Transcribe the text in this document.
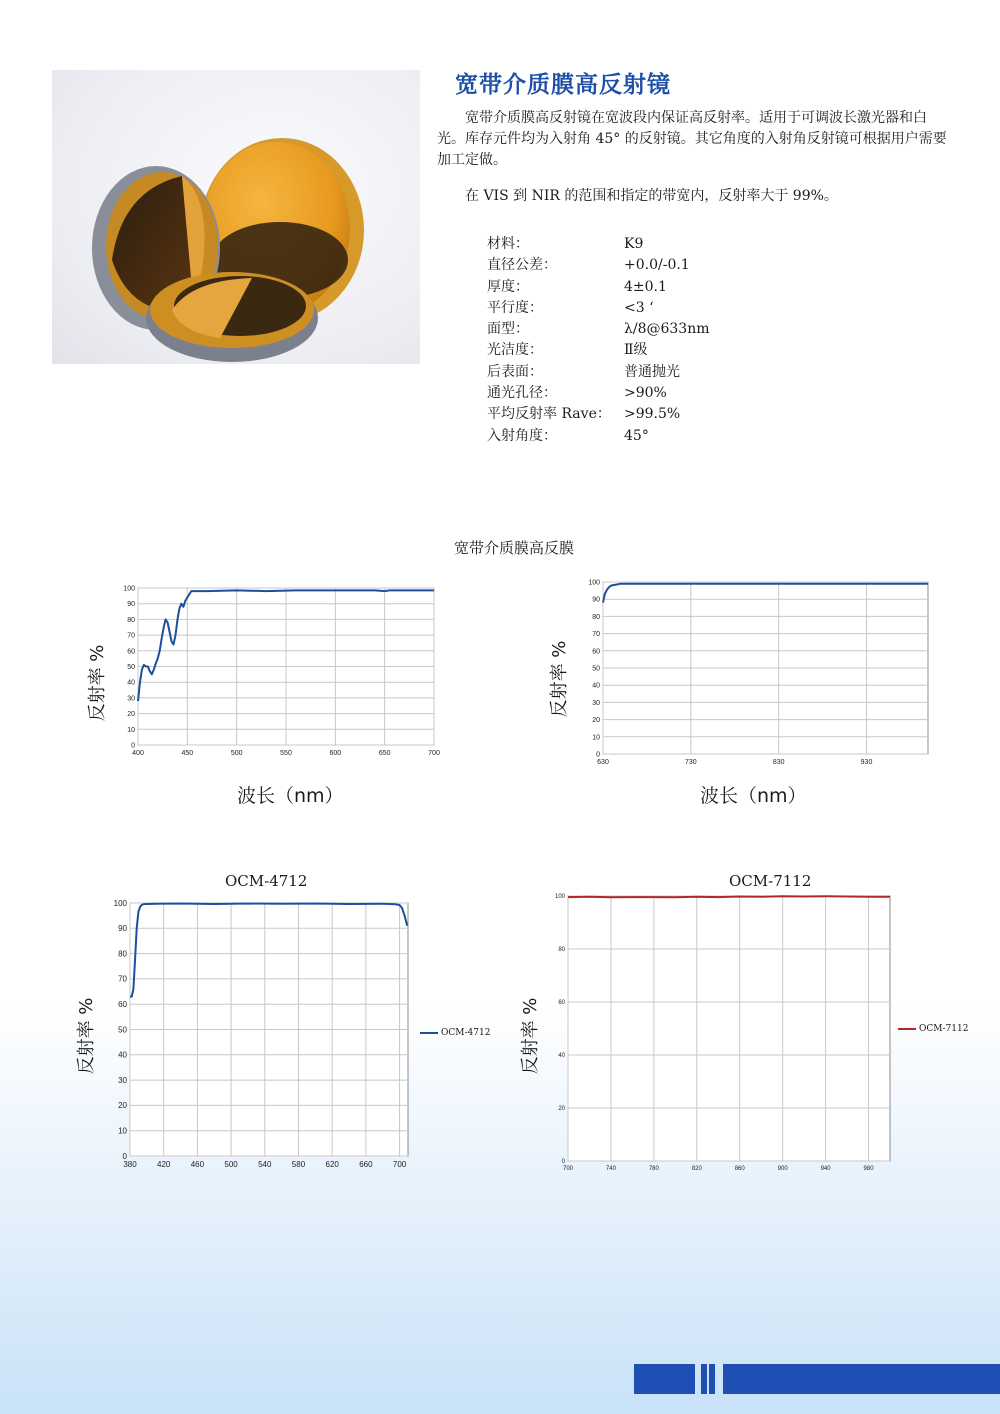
宽带介质膜高反射镜

宽带介质膜高反射镜在宽波段内保证高反射率。适用于可调波长激光器和白光。库存元件均为入射角 45° 的反射镜。其它角度的入射角反射镜可根据用户需要加工定做。

在 VIS 到 NIR 的范围和指定的带宽内，反射率大于 99%。

材料：	K9
直径公差：	+0.0/-0.1
厚度：	4±0.1
平行度：	<3 ‘
面型：	λ/8@633nm
光洁度：	Ⅱ级
后表面：	普通抛光
通光孔径：	>90%
平均反射率 Rave： >99.5%
入射角度：	45°

宽带介质膜高反膜

0
10
20
30
40
50
60
70
80
90
100
400	450	500	550	600	650	700
反射率 %
波长（nm）
0
10
20
30
40
50
60
70
80
90
100
630	730	830	930
反射率 %
波长（nm）
OCM-4712
0
10
20
30
40
50
60
70
80
90
100
380	420	460	500	540	580	620	660	700
反射率 %	OCM-4712
OCM-7112
0
20
40
60
80
100
700	740	780	820	860	900	940	980
反射率 %	OCM-7112
